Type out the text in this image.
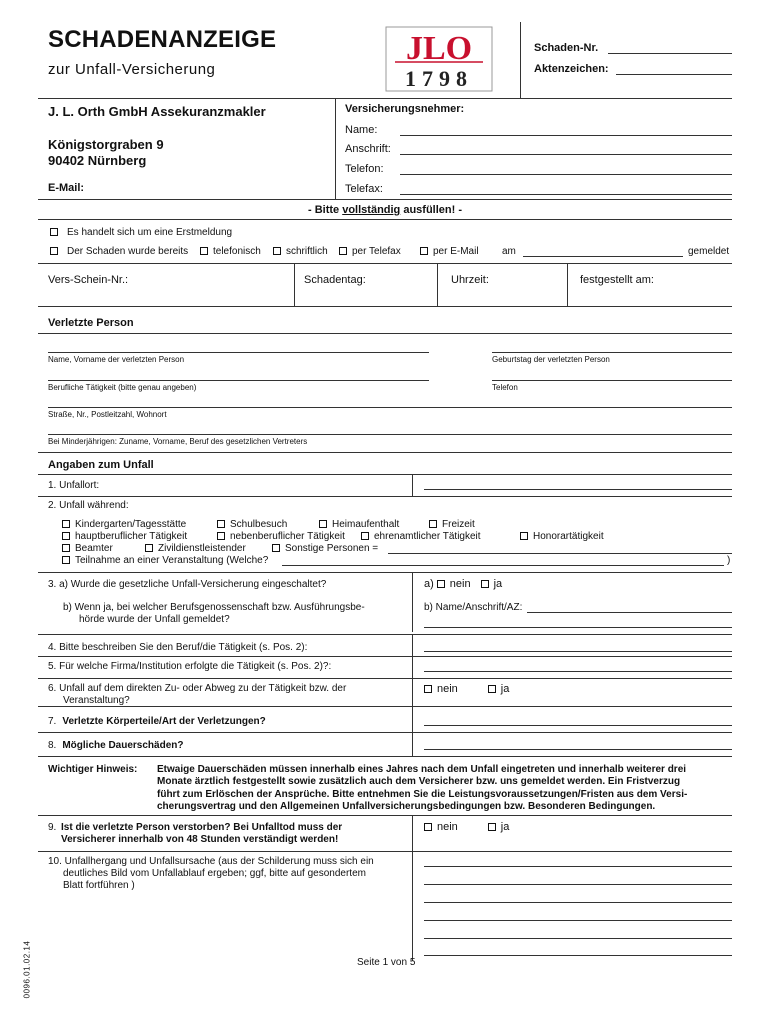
SCHADENANZEIGE
zur Unfall-Versicherung
JLO
1798
Schaden-Nr.
Aktenzeichen:
J. L. Orth GmbH Assekuranzmakler
Königstorgraben 9
90402 Nürnberg
E-Mail:
Versicherungsnehmer:
Name:
Anschrift:
Telefon:
Telefax:
- Bitte vollständig ausfüllen! -
Es handelt sich um eine Erstmeldung
Der Schaden wurde bereits	telefonisch	schriftlich	per Telefax	per E-Mail am	gemeldet
Vers-Schein-Nr.:	Schadentag:	Uhrzeit:	festgestellt am:
Verletzte Person
Name, Vorname der verletzten Person	Geburtstag der verletzten Person
Berufliche Tätigkeit (bitte genau angeben)	Telefon
Straße, Nr., Postleitzahl, Wohnort
Bei Minderjährigen: Zuname, Vorname, Beruf des gesetzlichen Vertreters
Angaben zum Unfall
1. Unfallort:
2. Unfall während:
Kindergarten/Tagesstätte	Schulbesuch	Heimaufenthalt	Freizeit
hauptberuflicher Tätigkeit	nebenberuflicher Tätigkeit	ehrenamtlicher Tätigkeit	Honorartätigkeit
Beamter	Zivildienstleistender	Sonstige Personen =
Teilnahme an einer Veranstaltung (Welche?	)
3. a) Wurde die gesetzliche Unfall-Versicherung eingeschaltet?	a) nein ja
b) Wenn ja, bei welcher Berufsgenossenschaft bzw. Ausführungsbe-
hörde wurde der Unfall gemeldet?
b) Name/Anschrift/AZ:
4. Bitte beschreiben Sie den Beruf/die Tätigkeit (s. Pos. 2):
5. Für welche Firma/Institution erfolgte die Tätigkeit (s. Pos. 2)?:
6. Unfall auf dem direkten Zu- oder Abweg zu der Tätigkeit bzw. der
Veranstaltung?
nein	ja
7. Verletzte Körperteile/Art der Verletzungen?
8. Mögliche Dauerschäden?
Wichtiger Hinweis: Etwaige Dauerschäden müssen innerhalb eines Jahres nach dem Unfall eingetreten und innerhalb weiterer drei
Monate ärztlich festgestellt sowie zusätzlich auch dem Versicherer bzw. uns gemeldet werden. Ein Fristverzug
führt zum Erlöschen der Ansprüche. Bitte entnehmen Sie die Leistungsvoraussetzungen/Fristen aus dem Versi-
cherungsvertrag und den Allgemeinen Unfallversicherungsbedingungen bzw. Besonderen Bedingungen.
9. Ist die verletzte Person verstorben? Bei Unfalltod muss der
Versicherer innerhalb von 48 Stunden verständigt werden!
nein	ja
10. Unfallhergang und Unfallsursache (aus der Schilderung muss sich ein
deutliches Bild vom Unfallablauf ergeben; ggf, bitte auf gesondertem
Blatt fortführen )
Seite 1 von 5
0096.01.02.14
